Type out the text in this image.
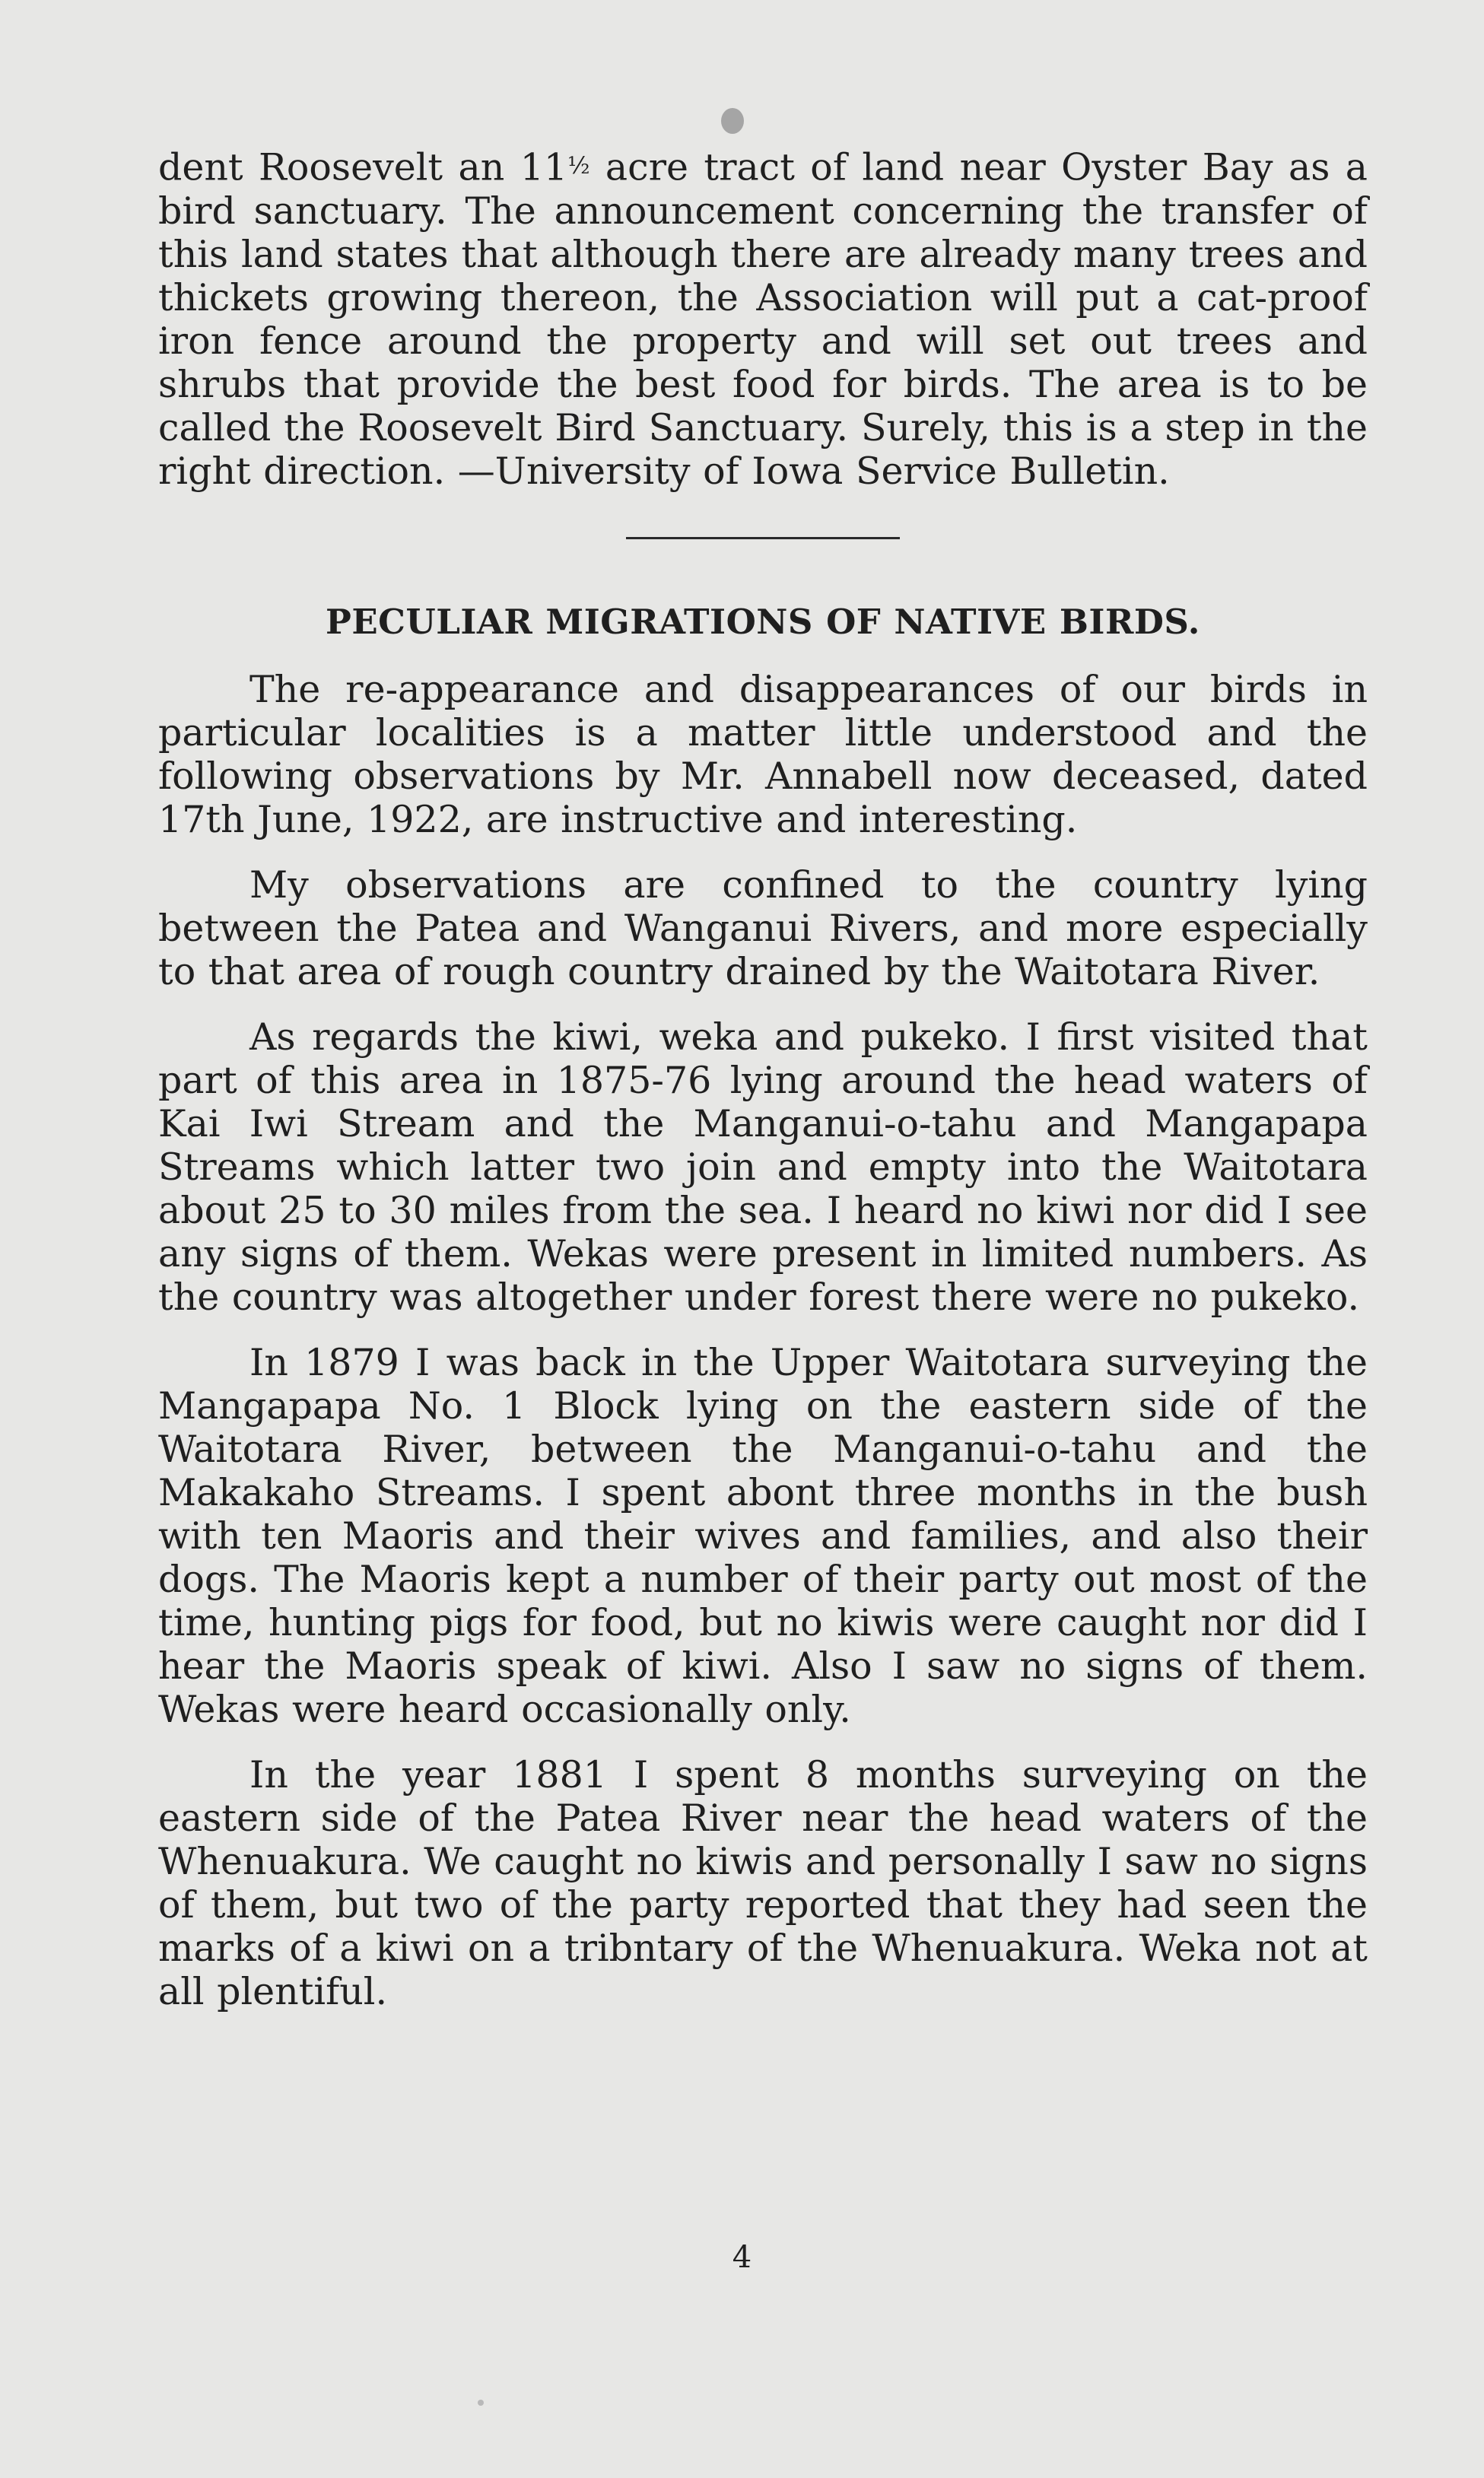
dent Roosevelt an 11½ acre tract of land near Oyster Bay as a bird sanctuary. The announcement concerning the transfer of this land states that although there are already many trees and thickets growing thereon, the Association will put a cat-proof iron fence around the property and will set out trees and shrubs that provide the best food for birds. The area is to be called the Roosevelt Bird Sanctuary. Surely, this is a step in the right direction. —University of Iowa Service Bulletin.

PECULIAR MIGRATIONS OF NATIVE BIRDS.

The re-appearance and disappearances of our birds in particular localities is a matter little understood and the following observations by Mr. Annabell now deceased, dated 17th June, 1922, are instructive and interesting.

My observations are confined to the country lying between the Patea and Wanganui Rivers, and more especially to that area of rough country drained by the Waitotara River.

As regards the kiwi, weka and pukeko. I first visited that part of this area in 1875-76 lying around the head waters of Kai Iwi Stream and the Manganui-o-tahu and Mangapapa Streams which latter two join and empty into the Waitotara about 25 to 30 miles from the sea. I heard no kiwi nor did I see any signs of them. Wekas were present in limited numbers. As the country was altogether under forest there were no pukeko.

In 1879 I was back in the Upper Waitotara surveying the Mangapapa No. 1 Block lying on the eastern side of the Waitotara River, between the Manganui-o-tahu and the Makakaho Streams. I spent abont three months in the bush with ten Maoris and their wives and families, and also their dogs. The Maoris kept a number of their party out most of the time, hunting pigs for food, but no kiwis were caught nor did I hear the Maoris speak of kiwi. Also I saw no signs of them. Wekas were heard occasionally only.

In the year 1881 I spent 8 months surveying on the eastern side of the Patea River near the head waters of the Whenuakura. We caught no kiwis and personally I saw no signs of them, but two of the party reported that they had seen the marks of a kiwi on a tribntary of the Whenuakura. Weka not at all plentiful.

4
